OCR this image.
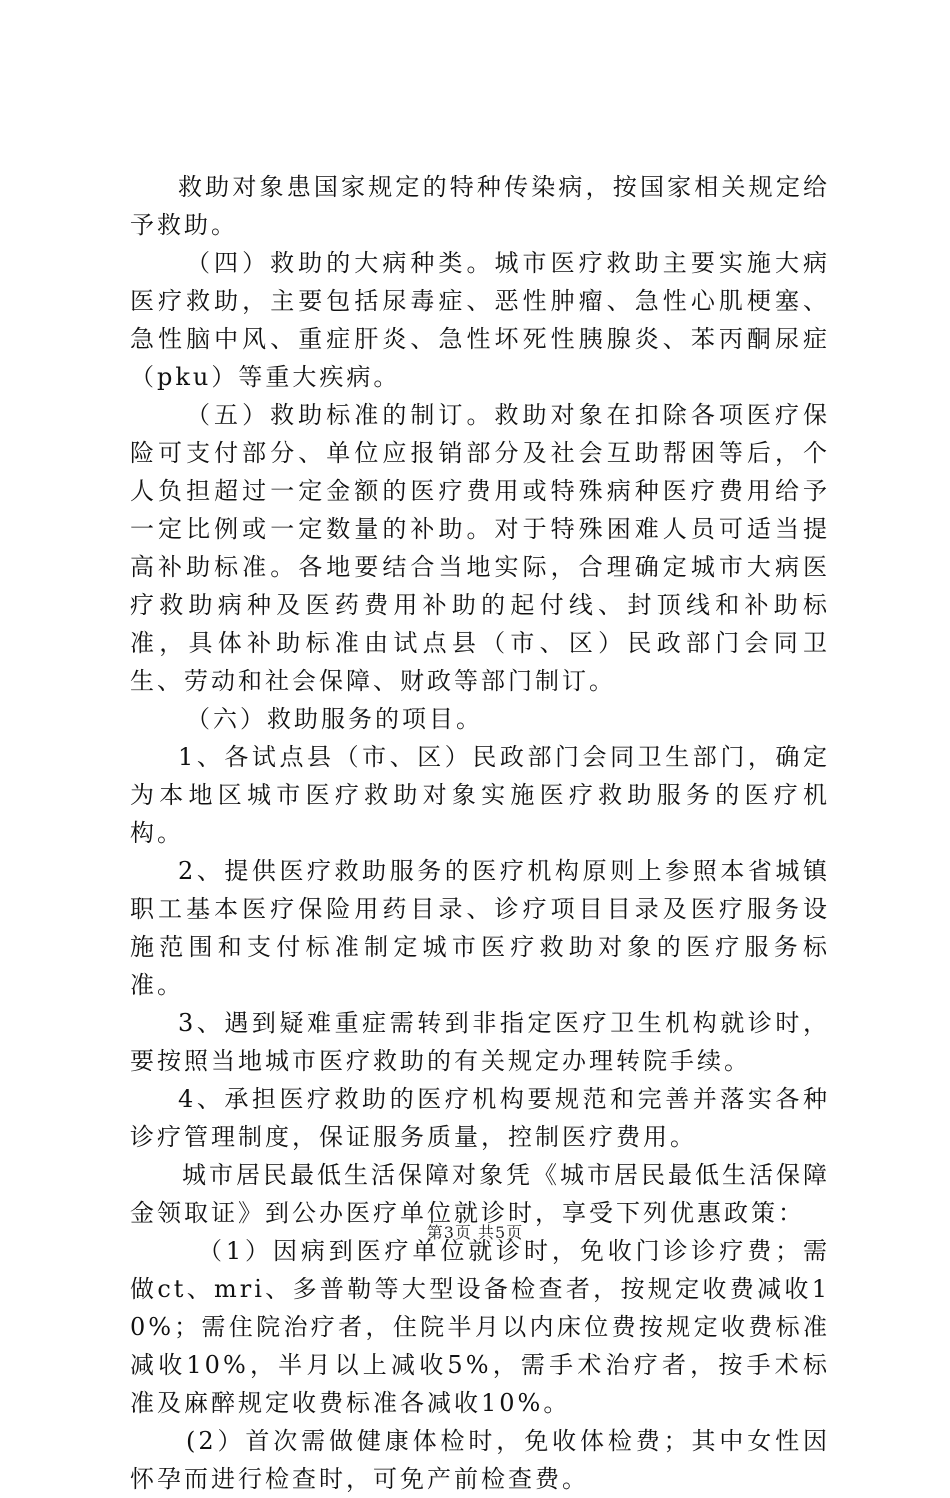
救助对象患国家规定的特种传染病，按国家相关规定给予救助。

（四）救助的大病种类。城市医疗救助主要实施大病医疗救助，主要包括尿毒症、恶性肿瘤、急性心肌梗塞、急性脑中风、重症肝炎、急性坏死性胰腺炎、苯丙酮尿症（pku）等重大疾病。

（五）救助标准的制订。救助对象在扣除各项医疗保险可支付部分、单位应报销部分及社会互助帮困等后，个人负担超过一定金额的医疗费用或特殊病种医疗费用给予一定比例或一定数量的补助。对于特殊困难人员可适当提高补助标准。各地要结合当地实际，合理确定城市大病医疗救助病种及医药费用补助的起付线、封顶线和补助标准，具体补助标准由试点县（市、区）民政部门会同卫生、劳动和社会保障、财政等部门制订。

（六）救助服务的项目。

1、各试点县（市、区）民政部门会同卫生部门，确定为本地区城市医疗救助对象实施医疗救助服务的医疗机构。

2、提供医疗救助服务的医疗机构原则上参照本省城镇职工基本医疗保险用药目录、诊疗项目目录及医疗服务设施范围和支付标准制定城市医疗救助对象的医疗服务标准。

3、遇到疑难重症需转到非指定医疗卫生机构就诊时，要按照当地城市医疗救助的有关规定办理转院手续。

4、承担医疗救助的医疗机构要规范和完善并落实各种诊疗管理制度，保证服务质量，控制医疗费用。

城市居民最低生活保障对象凭《城市居民最低生活保障金领取证》到公办医疗单位就诊时，享受下列优惠政策：

（1）因病到医疗单位就诊时，免收门诊诊疗费；需做ct、mri、多普勒等大型设备检查者，按规定收费减收10%；需住院治疗者，住院半月以内床位费按规定收费标准减收10%，半月以上减收5%，需手术治疗者，按手术标准及麻醉规定收费标准各减收10%。

(2）首次需做健康体检时，免收体检费；其中女性因怀孕而进行检查时，可免产前检查费。

第3页 共5页
